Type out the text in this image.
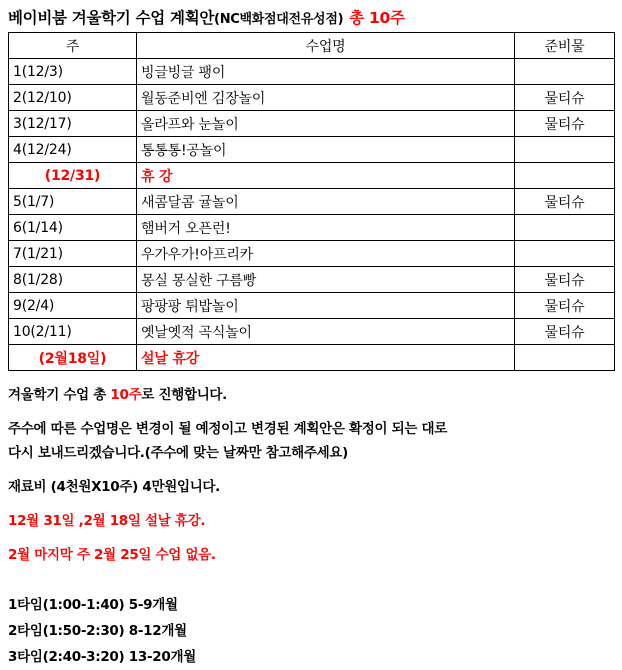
베이비붐 겨울학기 수업 계획안 (NC백화점대전유성점) 총 10주
주	수업명	준비물
1(12/3)	빙글빙글 팽이	
2(12/10)	월동준비엔 김장놀이	물티슈
3(12/17)	올라프와 눈놀이	물티슈
4(12/24)	통통통!공놀이	
(12/31)	휴 강	
5(1/7)	새콤달콤 귤놀이	물티슈
6(1/14)	햄버거 오픈런!	
7(1/21)	우가우가!아프리카	
8(1/28)	몽실 몽실한 구름빵	물티슈
9(2/4)	팡팡팡 튀밥놀이	물티슈
10(2/11)	옛날옛적 곡식놀이	물티슈
(2월18일)	설날 휴강	

겨울학기 수업 총 10주로 진행합니다.

주수에 따른 수업명은 변경이 될 예정이고 변경된 계획안은 확정이 되는 대로

다시 보내드리겠습니다.(주수에 맞는 날짜만 참고해주세요)

재료비 (4천원X10주) 4만원입니다.

12월 31일 ,2월 18일 설날 휴강.

2월 마지막 주 2월 25일 수업 없음.

1타임(1:00-1:40) 5-9개월
2타임(1:50-2:30) 8-12개월
3타임(2:40-3:20) 13-20개월
